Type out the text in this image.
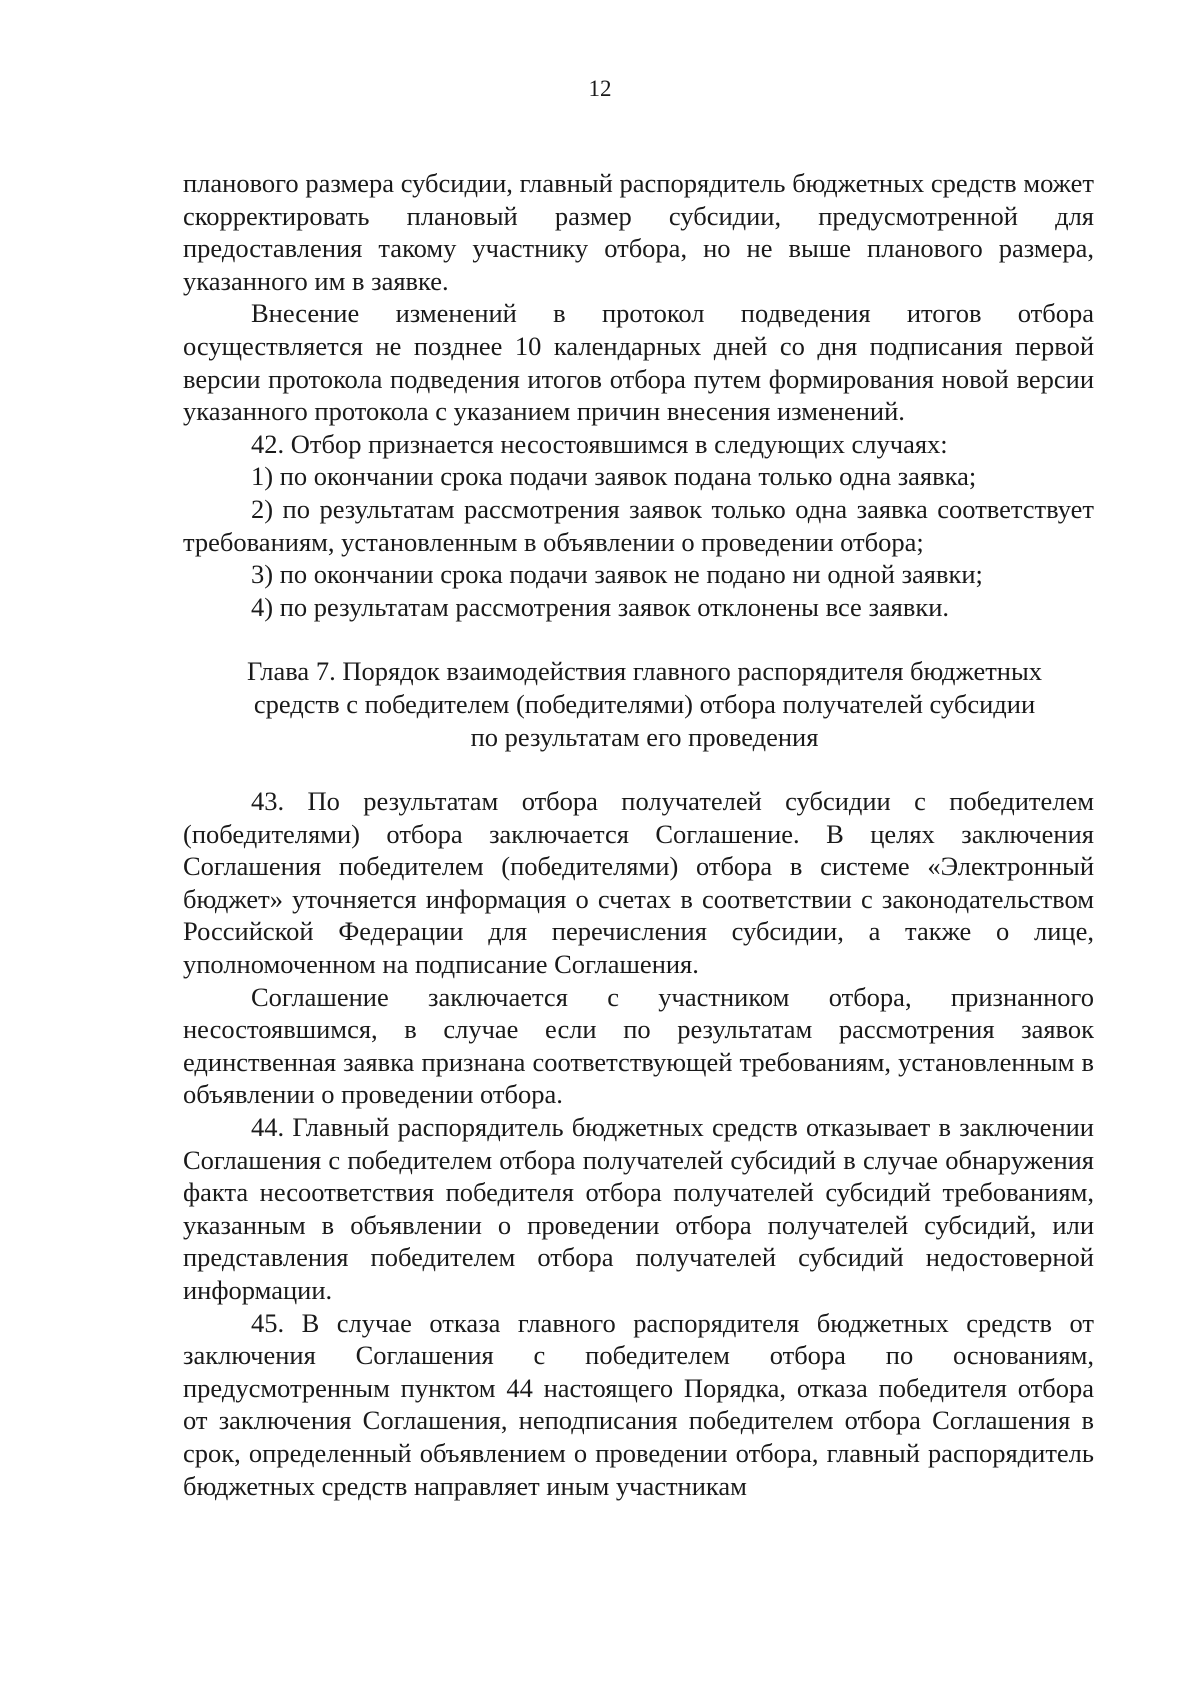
12

планового размера субсидии, главный распорядитель бюджетных средств может скорректировать плановый размер субсидии, предусмотренной для предоставления такому участнику отбора, но не выше планового размера, указанного им в заявке.

Внесение изменений в протокол подведения итогов отбора осуществляется не позднее 10 календарных дней со дня подписания первой версии протокола подведения итогов отбора путем формирования новой версии указанного протокола с указанием причин внесения изменений.

42. Отбор признается несостоявшимся в следующих случаях:

1) по окончании срока подачи заявок подана только одна заявка;

2) по результатам рассмотрения заявок только одна заявка соответствует требованиям, установленным в объявлении о проведении отбора;

3) по окончании срока подачи заявок не подано ни одной заявки;

4) по результатам рассмотрения заявок отклонены все заявки.

Глава 7. Порядок взаимодействия главного распорядителя бюджетных
средств с победителем (победителями) отбора получателей субсидии
по результатам его проведения

43. По результатам отбора получателей субсидии с победителем (победителями) отбора заключается Соглашение. В целях заключения Соглашения победителем (победителями) отбора в системе «Электронный бюджет» уточняется информация о счетах в соответствии с законодательством Российской Федерации для перечисления субсидии, а также о лице, уполномоченном на подписание Соглашения.

Соглашение заключается с участником отбора, признанного несостоявшимся, в случае если по результатам рассмотрения заявок единственная заявка признана соответствующей требованиям, установленным в объявлении о проведении отбора.

44. Главный распорядитель бюджетных средств отказывает в заключении Соглашения с победителем отбора получателей субсидий в случае обнаружения факта несоответствия победителя отбора получателей субсидий требованиям, указанным в объявлении о проведении отбора получателей субсидий, или представления победителем отбора получателей субсидий недостоверной информации.

45. В случае отказа главного распорядителя бюджетных средств от заключения Соглашения с победителем отбора по основаниям, предусмотренным пунктом 44 настоящего Порядка, отказа победителя отбора от заключения Соглашения, неподписания победителем отбора Соглашения в срок, определенный объявлением о проведении отбора, главный распорядитель бюджетных средств направляет иным участникам
